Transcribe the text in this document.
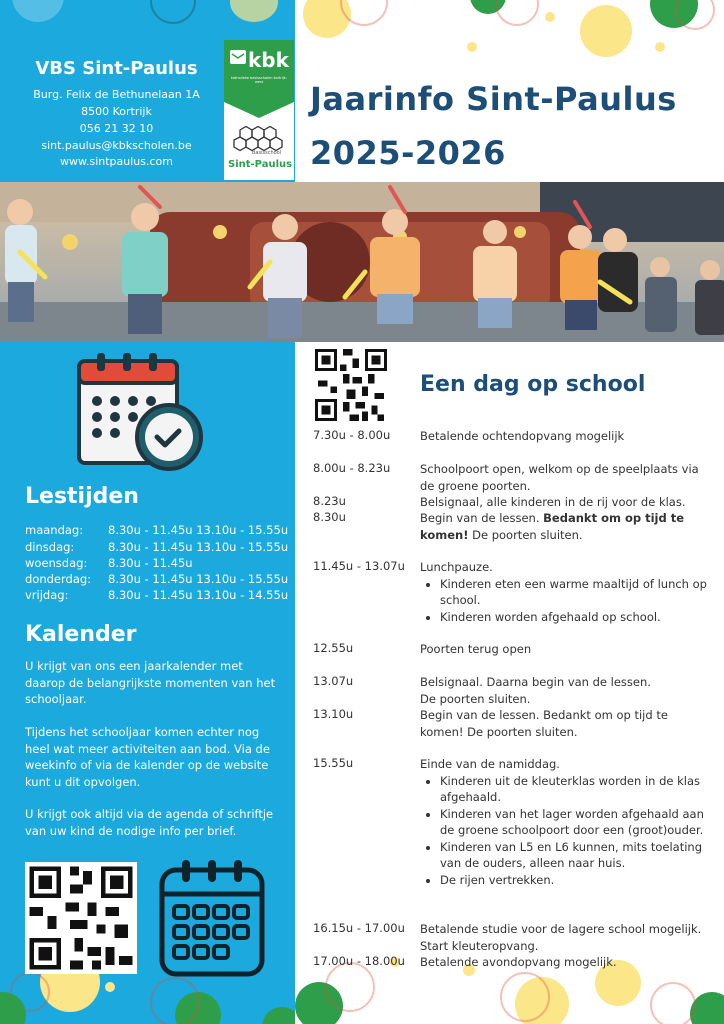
VBS Sint-Paulus
Burg. Felix de Bethunelaan 1A
8500 Kortrijk
056 21 32 10
sint.paulus@kbkscholen.be
www.sintpaulus.com
kbk
katholieke basisscholen kortrijk-west
Basisschool
Sint-Paulus
Jaarinfo Sint-Paulus
2025-2026
Lestijden
maandag: 8.30u - 11.45u 13.10u - 15.55u
dinsdag:	8.30u - 11.45u 13.10u - 15.55u
woensdag: 8.30u - 11.45u
donderdag: 8.30u - 11.45u 13.10u - 15.55u
vrijdag:	8.30u - 11.45u 13.10u - 14.55u
Kalender
U krijgt van ons een jaarkalender met daarop de belangrijkste momenten van het schooljaar.
Tijdens het schooljaar komen echter nog heel wat meer activiteiten aan bod. Via de weekinfo of via de kalender op de website kunt u dit opvolgen.
U krijgt ook altijd via de agenda of schriftje van uw kind de nodige info per brief.
Een dag op school
7.30u - 8.00u	Betalende ochtendopvang mogelijk
8.00u - 8.23u	Schoolpoort open, welkom op de speelplaats via de groene poorten.
8.23u	Belsignaal, alle kinderen in de rij voor de klas.
8.30u	Begin van de lessen. Bedankt om op tijd te komen! De poorten sluiten.
11.45u - 13.07u Lunchpauze.
• Kinderen eten een warme maaltijd of lunch op school.
• Kinderen worden afgehaald op school.
12.55u	Poorten terug open
13.07u	Belsignaal. Daarna begin van de lessen.
De poorten sluiten.
13.10u	Begin van de lessen. Bedankt om op tijd te komen! De poorten sluiten.
15.55u	Einde van de namiddag.
• Kinderen uit de kleuterklas worden in de klas afgehaald.
• Kinderen van het lager worden afgehaald aan de groene schoolpoort door een (groot)ouder.
• Kinderen van L5 en L6 kunnen, mits toelating van de ouders, alleen naar huis.
• De rijen vertrekken.
16.15u - 17.00u Betalende studie voor de lagere school mogelijk. Start kleuteropvang.
17.00u - 18.00u Betalende avondopvang mogelijk.
